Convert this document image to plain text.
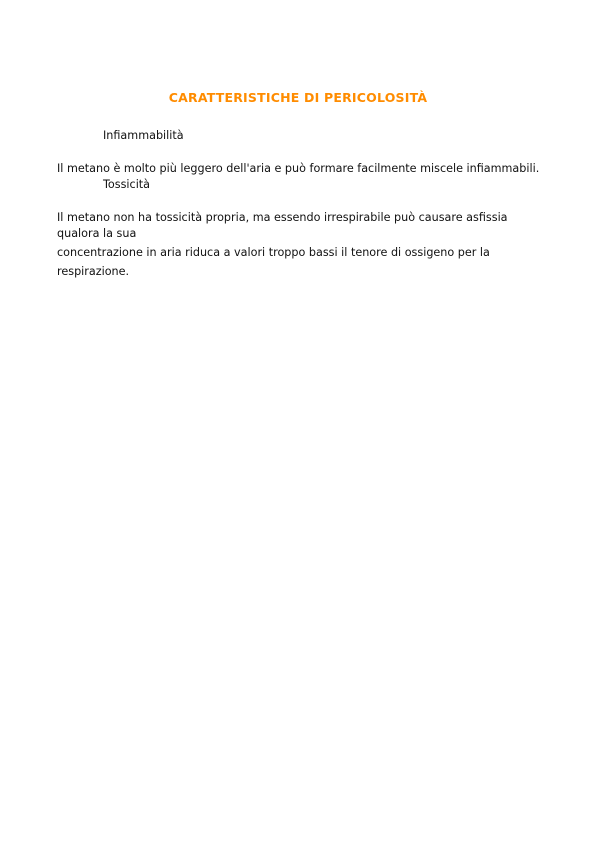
CARATTERISTICHE DI PERICOLOSITÀ
Infiammabilità
Il metano è molto più leggero dell'aria e può formare facilmente miscele infiammabili.
Tossicità
Il metano non ha tossicità propria, ma essendo irrespirabile può causare asfissia
qualora la sua
concentrazione in aria riduca a valori troppo bassi il tenore di ossigeno per la
respirazione.
